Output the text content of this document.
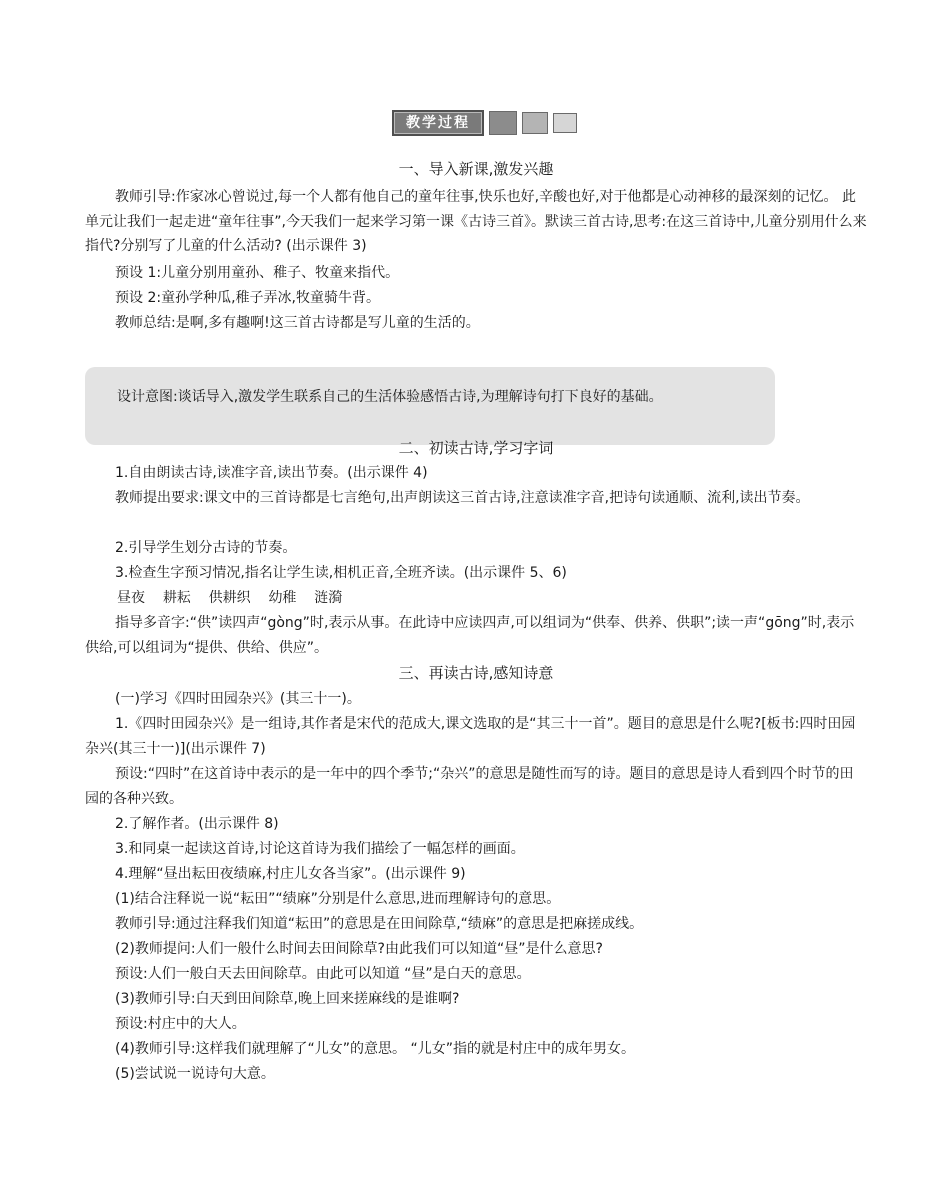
教学过程
一、导入新课,激发兴趣
教师引导:作家冰心曾说过,每一个人都有他自己的童年往事,快乐也好,辛酸也好,对于他都是心动神移的最深刻的记忆。 此单元让我们一起走进“童年往事”,今天我们一起来学习第一课《古诗三首》。默读三首古诗,思考:在这三首诗中,儿童分别用什么来指代?分别写了儿童的什么活动? (出示课件 3)
预设 1:儿童分别用童孙、稚子、牧童来指代。
预设 2:童孙学种瓜,稚子弄冰,牧童骑牛背。
教师总结:是啊,多有趣啊!这三首古诗都是写儿童的生活的。
设计意图:谈话导入,激发学生联系自己的生活体验感悟古诗,为理解诗句打下良好的基础。
二、初读古诗,学习字词
1.自由朗读古诗,读准字音,读出节奏。(出示课件 4)
教师提出要求:课文中的三首诗都是七言绝句,出声朗读这三首古诗,注意读准字音,把诗句读通顺、流利,读出节奏。
2.引导学生划分古诗的节奏。
3.检查生字预习情况,指名让学生读,相机正音,全班齐读。(出示课件 5、6)
昼夜 耕耘 供耕织 幼稚 涟漪
指导多音字:“供”读四声“gòng”时,表示从事。在此诗中应读四声,可以组词为“供奉、供养、供职”;读一声“gōng”时,表示供给,可以组词为“提供、供给、供应”。
三、再读古诗,感知诗意
(一)学习《四时田园杂兴》(其三十一)。
1.《四时田园杂兴》是一组诗,其作者是宋代的范成大,课文选取的是“其三十一首”。题目的意思是什么呢?[板书:四时田园杂兴(其三十一)](出示课件 7)
预设:“四时”在这首诗中表示的是一年中的四个季节;“杂兴”的意思是随性而写的诗。题目的意思是诗人看到四个时节的田园的各种兴致。
2.了解作者。(出示课件 8)
3.和同桌一起读这首诗,讨论这首诗为我们描绘了一幅怎样的画面。
4.理解“昼出耘田夜绩麻,村庄儿女各当家”。(出示课件 9)
(1)结合注释说一说“耘田”“绩麻”分别是什么意思,进而理解诗句的意思。
教师引导:通过注释我们知道“耘田”的意思是在田间除草,“绩麻”的意思是把麻搓成线。
(2)教师提问:人们一般什么时间去田间除草?由此我们可以知道“昼”是什么意思?
预设:人们一般白天去田间除草。由此可以知道 “昼”是白天的意思。
(3)教师引导:白天到田间除草,晚上回来搓麻线的是谁啊?
预设:村庄中的大人。
(4)教师引导:这样我们就理解了“儿女”的意思。 “儿女”指的就是村庄中的成年男女。
(5)尝试说一说诗句大意。
